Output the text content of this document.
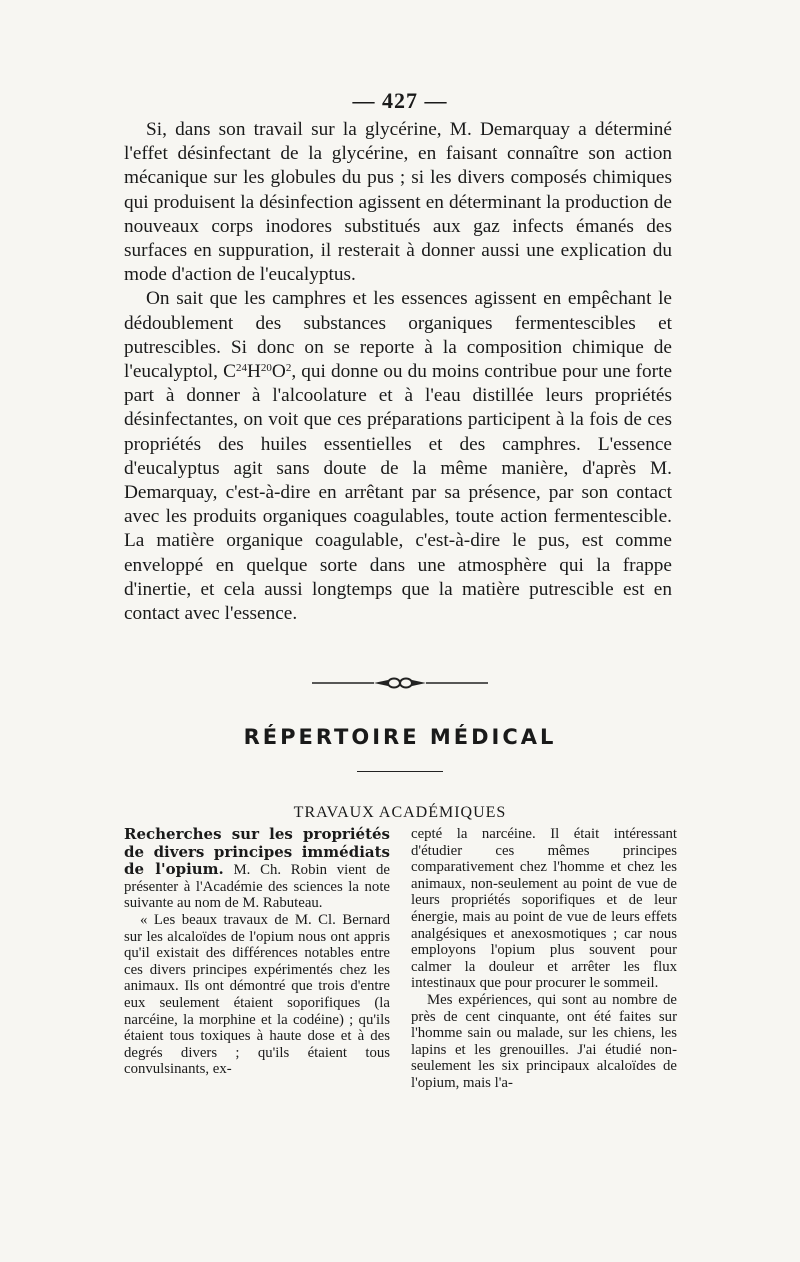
— 427 —

Si, dans son travail sur la glycérine, M. Demarquay a déterminé l'effet désinfectant de la glycérine, en faisant connaître son action mécanique sur les globules du pus ; si les divers composés chimiques qui produisent la désinfection agissent en déterminant la production de nouveaux corps inodores substitués aux gaz infects émanés des surfaces en suppuration, il resterait à donner aussi une explication du mode d'action de l'eucalyptus.

On sait que les camphres et les essences agissent en empêchant le dédoublement des substances organiques fermentescibles et putrescibles. Si donc on se reporte à la composition chimique de l'eucalyptol, $C^{24}H^{20}O^2$, qui donne ou du moins contribue pour une forte part à donner à l'alcoolature et à l'eau distillée leurs propriétés désinfectantes, on voit que ces préparations participent à la fois de ces propriétés des huiles essentielles et des camphres. L'essence d'eucalyptus agit sans doute de la même manière, d'après M. Demarquay, c'est-à-dire en arrêtant par sa présence, par son contact avec les produits organiques coagulables, toute action fermentescible. La matière organique coagulable, c'est-à-dire le pus, est comme enveloppé en quelque sorte dans une atmosphère qui la frappe d'inertie, et cela aussi longtemps que la matière putrescible est en contact avec l'essence.

RÉPERTOIRE MÉDICAL
TRAVAUX ACADÉMIQUES

Recherches sur les propriétés de divers principes immédiats de l'opium. M. Ch. Robin vient de présenter à l'Académie des sciences la note suivante au nom de M. Rabuteau.

« Les beaux travaux de M. Cl. Bernard sur les alcaloïdes de l'opium nous ont appris qu'il existait des différences notables entre ces divers principes expérimentés chez les animaux. Ils ont démontré que trois d'entre eux seulement étaient soporifiques (la narcéine, la morphine et la codéine) ; qu'ils étaient tous toxiques à haute dose et à des degrés divers ; qu'ils étaient tous convulsinants, ex-

cepté la narcéine. Il était intéressant d'étudier ces mêmes principes comparativement chez l'homme et chez les animaux, non-seulement au point de vue de leurs propriétés soporifiques et de leur énergie, mais au point de vue de leurs effets analgésiques et anexosmotiques ; car nous employons l'opium plus souvent pour calmer la douleur et arrêter les flux intestinaux que pour procurer le sommeil.

Mes expériences, qui sont au nombre de près de cent cinquante, ont été faites sur l'homme sain ou malade, sur les chiens, les lapins et les grenouilles. J'ai étudié non-seulement les six principaux alcaloïdes de l'opium, mais l'a-
